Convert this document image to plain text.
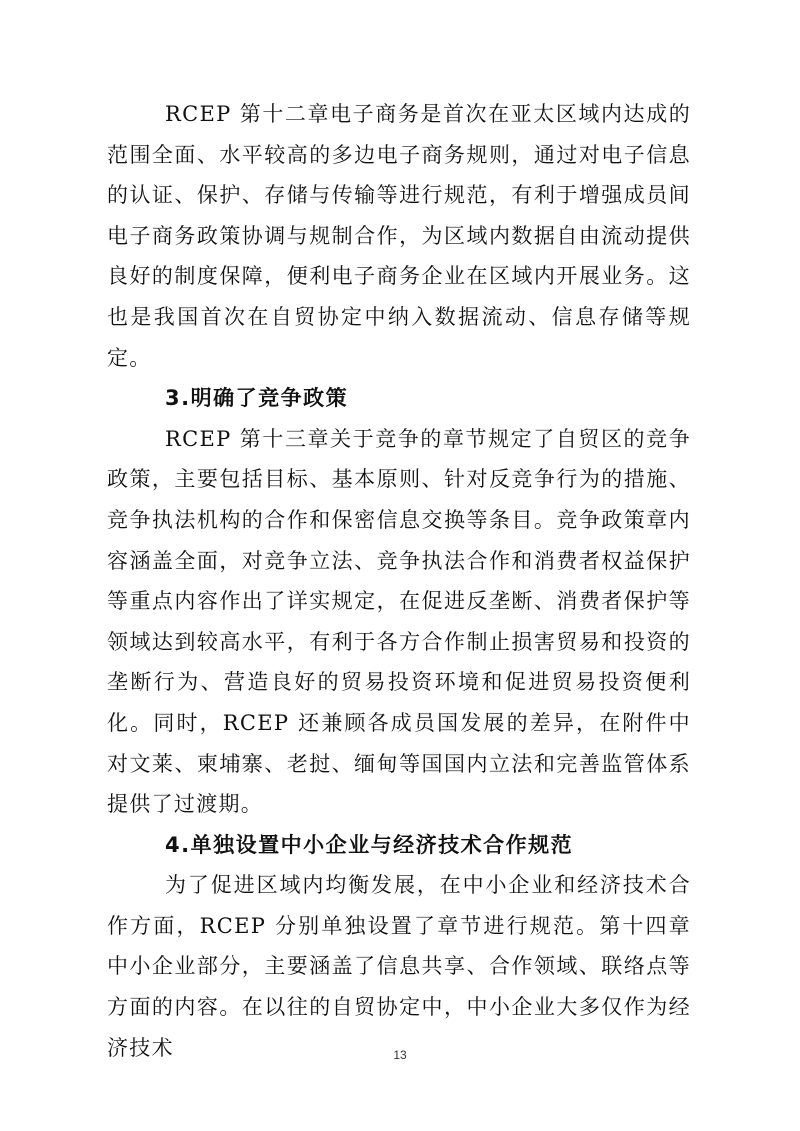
RCEP 第十二章电子商务是首次在亚太区域内达成的范围全面、水平较高的多边电子商务规则，通过对电子信息的认证、保护、存储与传输等进行规范，有利于增强成员间电子商务政策协调与规制合作，为区域内数据自由流动提供良好的制度保障，便利电子商务企业在区域内开展业务。这也是我国首次在自贸协定中纳入数据流动、信息存储等规定。

3.明确了竞争政策

RCEP 第十三章关于竞争的章节规定了自贸区的竞争政策，主要包括目标、基本原则、针对反竞争行为的措施、竞争执法机构的合作和保密信息交换等条目。竞争政策章内容涵盖全面，对竞争立法、竞争执法合作和消费者权益保护等重点内容作出了详实规定，在促进反垄断、消费者保护等领域达到较高水平，有利于各方合作制止损害贸易和投资的垄断行为、营造良好的贸易投资环境和促进贸易投资便利化。同时，RCEP 还兼顾各成员国发展的差异，在附件中对文莱、柬埔寨、老挝、缅甸等国国内立法和完善监管体系提供了过渡期。

4.单独设置中小企业与经济技术合作规范

为了促进区域内均衡发展，在中小企业和经济技术合作方面，RCEP 分别单独设置了章节进行规范。第十四章中小企业部分，主要涵盖了信息共享、合作领域、联络点等方面的内容。在以往的自贸协定中，中小企业大多仅作为经济技术	13
